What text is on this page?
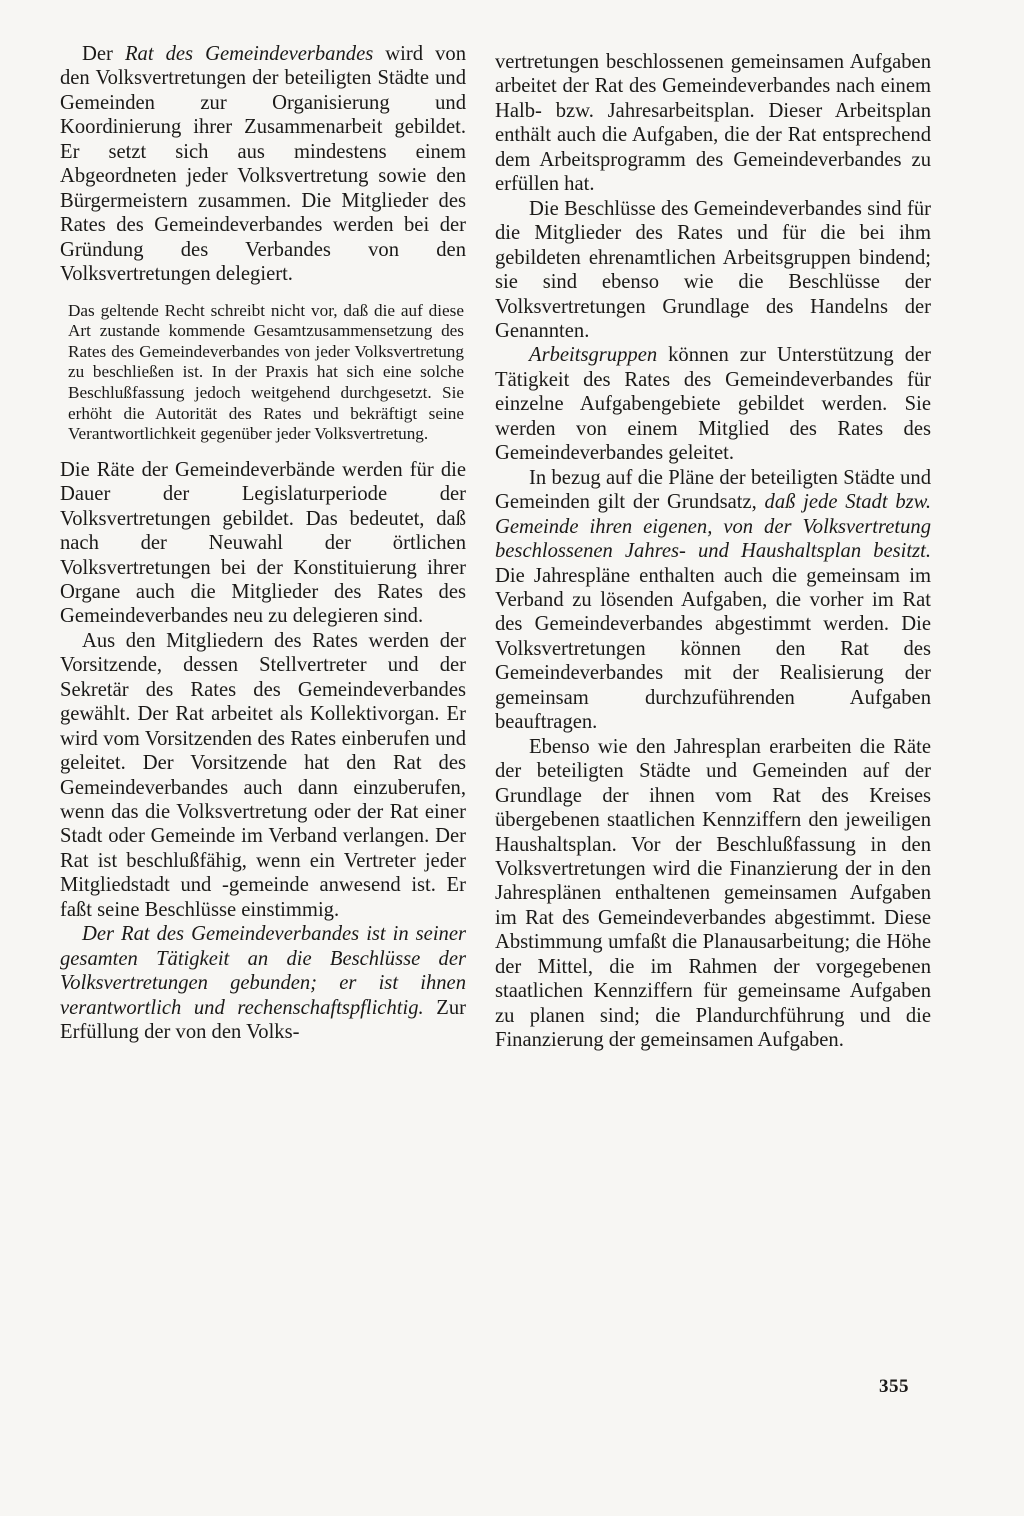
Der Rat des Gemeindeverbandes wird von den Volksvertretungen der beteiligten Städte und Gemeinden zur Organisierung und Koordinierung ihrer Zusammenarbeit gebildet. Er setzt sich aus mindestens einem Abgeordneten jeder Volksvertretung sowie den Bürgermeistern zusammen. Die Mitglieder des Rates des Gemeindeverbandes werden bei der Gründung des Verbandes von den Volksvertretungen delegiert.

Das geltende Recht schreibt nicht vor, daß die auf diese Art zustande kommende Gesamtzusammensetzung des Rates des Gemeindeverbandes von jeder Volksvertretung zu beschließen ist. In der Praxis hat sich eine solche Beschlußfassung jedoch weitgehend durchgesetzt. Sie erhöht die Autorität des Rates und bekräftigt seine Verantwortlichkeit gegenüber jeder Volksvertretung.

Die Räte der Gemeindeverbände werden für die Dauer der Legislaturperiode der Volksvertretungen gebildet. Das bedeutet, daß nach der Neuwahl der örtlichen Volksvertretungen bei der Konstituierung ihrer Organe auch die Mitglieder des Rates des Gemeindeverbandes neu zu delegieren sind.

Aus den Mitgliedern des Rates werden der Vorsitzende, dessen Stellvertreter und der Sekretär des Rates des Gemeindeverbandes gewählt. Der Rat arbeitet als Kollektivorgan. Er wird vom Vorsitzenden des Rates einberufen und geleitet. Der Vorsitzende hat den Rat des Gemeindeverbandes auch dann einzuberufen, wenn das die Volksvertretung oder der Rat einer Stadt oder Gemeinde im Verband verlangen. Der Rat ist beschlußfähig, wenn ein Vertreter jeder Mitgliedstadt und -gemeinde anwesend ist. Er faßt seine Beschlüsse einstimmig.

Der Rat des Gemeindeverbandes ist in seiner gesamten Tätigkeit an die Beschlüsse der Volksvertretungen gebunden; er ist ihnen verantwortlich und rechenschaftspflichtig. Zur Erfüllung der von den Volks-

vertretungen beschlossenen gemeinsamen Aufgaben arbeitet der Rat des Gemeindeverbandes nach einem Halb- bzw. Jahresarbeitsplan. Dieser Arbeitsplan enthält auch die Aufgaben, die der Rat entsprechend dem Arbeitsprogramm des Gemeindeverbandes zu erfüllen hat.

Die Beschlüsse des Gemeindeverbandes sind für die Mitglieder des Rates und für die bei ihm gebildeten ehrenamtlichen Arbeitsgruppen bindend; sie sind ebenso wie die Beschlüsse der Volksvertretungen Grundlage des Handelns der Genannten.

Arbeitsgruppen können zur Unterstützung der Tätigkeit des Rates des Gemeindeverbandes für einzelne Aufgabengebiete gebildet werden. Sie werden von einem Mitglied des Rates des Gemeindeverbandes geleitet.

In bezug auf die Pläne der beteiligten Städte und Gemeinden gilt der Grundsatz, daß jede Stadt bzw. Gemeinde ihren eigenen, von der Volksvertretung beschlossenen Jahres- und Haushaltsplan besitzt. Die Jahrespläne enthalten auch die gemeinsam im Verband zu lösenden Aufgaben, die vorher im Rat des Gemeindeverbandes abgestimmt werden. Die Volksvertretungen können den Rat des Gemeindeverbandes mit der Realisierung der gemeinsam durchzuführenden Aufgaben beauftragen.

Ebenso wie den Jahresplan erarbeiten die Räte der beteiligten Städte und Gemeinden auf der Grundlage der ihnen vom Rat des Kreises übergebenen staatlichen Kennziffern den jeweiligen Haushaltsplan. Vor der Beschlußfassung in den Volksvertretungen wird die Finanzierung der in den Jahresplänen enthaltenen gemeinsamen Aufgaben im Rat des Gemeindeverbandes abgestimmt. Diese Abstimmung umfaßt die Planausarbeitung; die Höhe der Mittel, die im Rahmen der vorgegebenen staatlichen Kennziffern für gemeinsame Aufgaben zu planen sind; die Plandurchführung und die Finanzierung der gemeinsamen Aufgaben.

355
